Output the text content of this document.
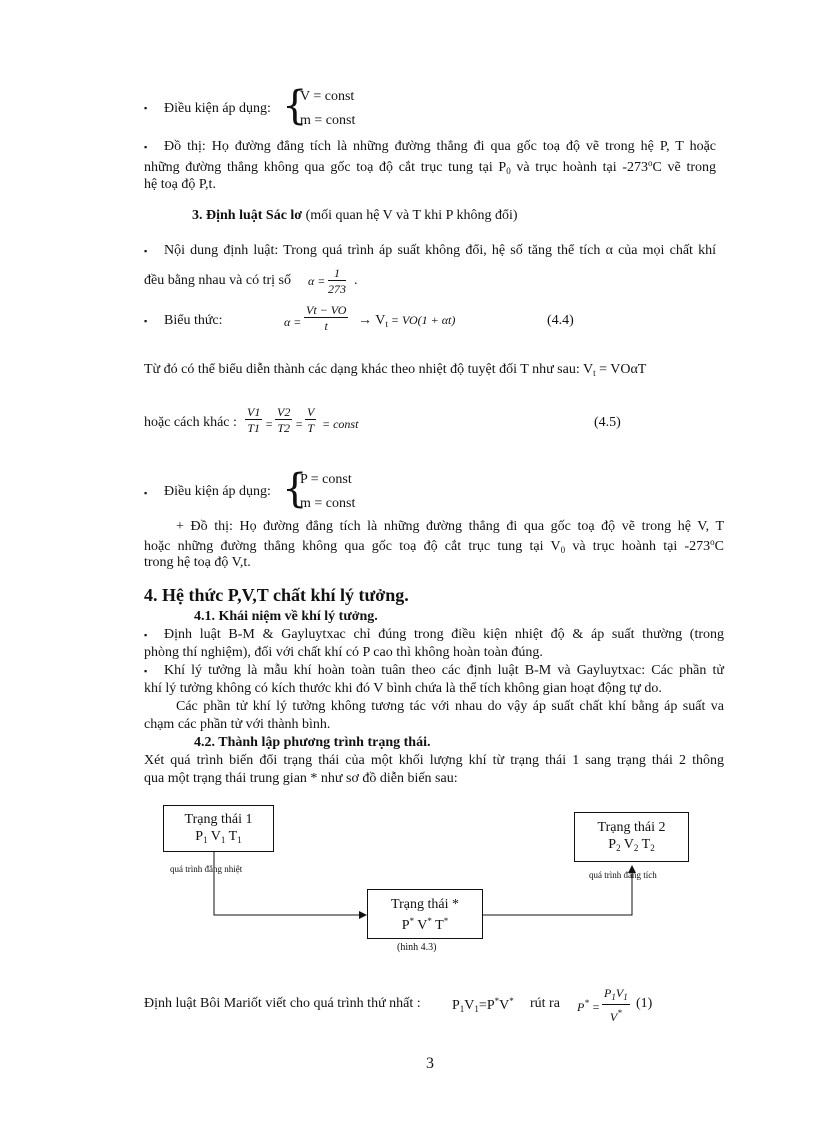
▪ Điều kiện áp dụng: {
V = const
m = const
▪ Đồ thị: Họ đường đẳng tích là những đường thẳng đi qua gốc toạ độ vẽ trong hệ P, T hoặc
những đường thẳng không qua gốc toạ độ cắt trục tung tại $P_0$ và trục hoành tại -273$^o$C vẽ trong
hệ toạ độ P,t.
3. Định luật Sác lơ (mối quan hệ V và T khi P không đổi)
▪ Nội dung định luật: Trong quá trình áp suất không đổi, hệ số tăng thể tích α của mọi chất khí
đều bằng nhau và có trị số $\alpha = \frac{1}{273}$ .
▪ Biểu thức:	$\alpha = \frac{Vt - VO}{t} \to V_t = VO(1 + \alpha t)$	(4.4)
Từ đó có thể biểu diễn thành các dạng khác theo nhiệt độ tuyệt đối T như sau: $V_t = VO\alpha T$
hoặc cách khác : $\frac{V1}{T1} = \frac{V2}{T2} = \frac{V}{T}$ = const	(4.5)
▪ Điều kiện áp dụng: {
P = const
m = const
+ Đồ thị: Họ đường đẳng tích là những đường thẳng đi qua gốc toạ độ vẽ trong hệ V, T
hoặc những đường thẳng không qua gốc toạ độ cắt trục tung tại $V_0$ và trục hoành tại -273$^o$C
trong hệ toạ độ V,t.
4. Hệ thức P,V,T chất khí lý tưởng.
4.1. Khái niệm về khí lý tưởng.
▪ Định luật B-M & Gayluytxac chỉ đúng trong điều kiện nhiệt độ & áp suất thường (trong
phòng thí nghiệm), đối với chất khí có P cao thì không hoàn toàn đúng.
▪ Khí lý tưởng là mẫu khí hoàn toàn tuân theo các định luật B-M và Gayluytxac: Các phần tử
khí lý tưởng không có kích thước khi đó V bình chứa là thể tích không gian hoạt động tự do.
Các phần tử khí lý tưởng không tương tác với nhau do vậy áp suất chất khí bằng áp suất va
chạm các phần tử với thành bình.
4.2. Thành lập phương trình trạng thái.
Xét quá trình biến đổi trạng thái của một khối lượng khí từ trạng thái 1 sang trạng thái 2 thông
qua một trạng thái trung gian * như sơ đồ diễn biến sau:
Trạng thái 1
$P_1$ $V_1$ $T_1$
Trạng thái 2
$P_2$ $V_2$ $T_2$
Trạng thái *
P* V* T*
quá trình đẳng nhiệt
quá trình đẳng tích
(hình 4.3)
Định luật Bôi Mariốt viết cho quá trình thứ nhất : $P_1V_1=P^*V^*$ rút ra $P^* = \frac{P_1V_1}{V^*} (1)$
3
